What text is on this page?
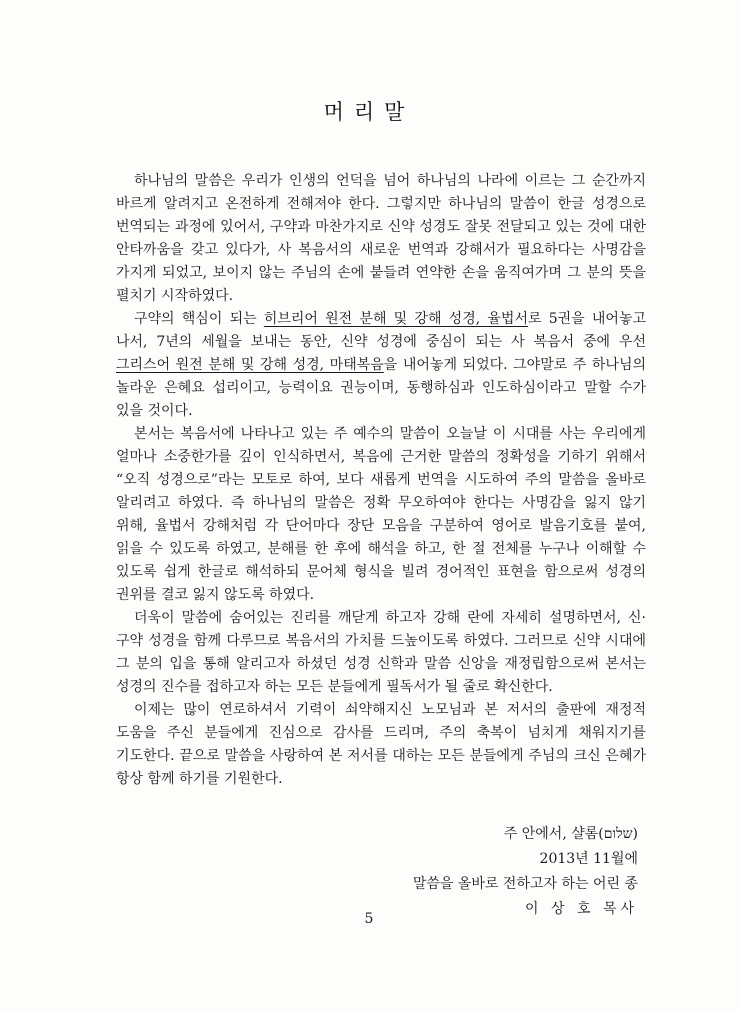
머리말

하나님의 말씀은 우리가 인생의 언덕을 넘어 하나님의 나라에 이르는 그 순간까지 바르게 알려지고 온전하게 전해져야 한다. 그렇지만 하나님의 말씀이 한글 성경으로 번역되는 과정에 있어서, 구약과 마찬가지로 신약 성경도 잘못 전달되고 있는 것에 대한 안타까움을 갖고 있다가, 사 복음서의 새로운 번역과 강해서가 필요하다는 사명감을 가지게 되었고, 보이지 않는 주님의 손에 붙들려 연약한 손을 움직여가며 그 분의 뜻을 펼치기 시작하였다.

구약의 핵심이 되는 히브리어 원전 분해 및 강해 성경, 율법서로 5권을 내어놓고 나서, 7년의 세월을 보내는 동안, 신약 성경에 중심이 되는 사 복음서 중에 우선 그리스어 원전 분해 및 강해 성경, 마태복음을 내어놓게 되었다. 그야말로 주 하나님의 놀라운 은혜요 섭리이고, 능력이요 권능이며, 동행하심과 인도하심이라고 말할 수가 있을 것이다.

본서는 복음서에 나타나고 있는 주 예수의 말씀이 오늘날 이 시대를 사는 우리에게 얼마나 소중한가를 깊이 인식하면서, 복음에 근거한 말씀의 정확성을 기하기 위해서 “오직 성경으로”라는 모토로 하여, 보다 새롭게 번역을 시도하여 주의 말씀을 올바로 알리려고 하였다. 즉 하나님의 말씀은 정확 무오하여야 한다는 사명감을 잃지 않기 위해, 율법서 강해처럼 각 단어마다 장단 모음을 구분하여 영어로 발음기호를 붙여, 읽을 수 있도록 하였고, 분해를 한 후에 해석을 하고, 한 절 전체를 누구나 이해할 수 있도록 쉽게 한글로 해석하되 문어체 형식을 빌려 경어적인 표현을 함으로써 성경의 권위를 결코 잃지 않도록 하였다.

더욱이 말씀에 숨어있는 진리를 깨닫게 하고자 강해 란에 자세히 설명하면서, 신·구약 성경을 함께 다루므로 복음서의 가치를 드높이도록 하였다. 그러므로 신약 시대에 그 분의 입을 통해 알리고자 하셨던 성경 신학과 말씀 신앙을 재정립함으로써 본서는 성경의 진수를 접하고자 하는 모든 분들에게 필독서가 될 줄로 확신한다.

이제는 많이 연로하셔서 기력이 쇠약해지신 노모님과 본 저서의 출판에 재정적 도움을 주신 분들에게 진심으로 감사를 드리며, 주의 축복이 넘치게 채워지기를 기도한다. 끝으로 말씀을 사랑하여 본 저서를 대하는 모든 분들에게 주님의 크신 은혜가 항상 함께 하기를 기원한다.

주 안에서, 샬롬(שלום)
2013년 11월에
말씀을 올바로 전하고자 하는 어린 종
이 상 호 목사
5
